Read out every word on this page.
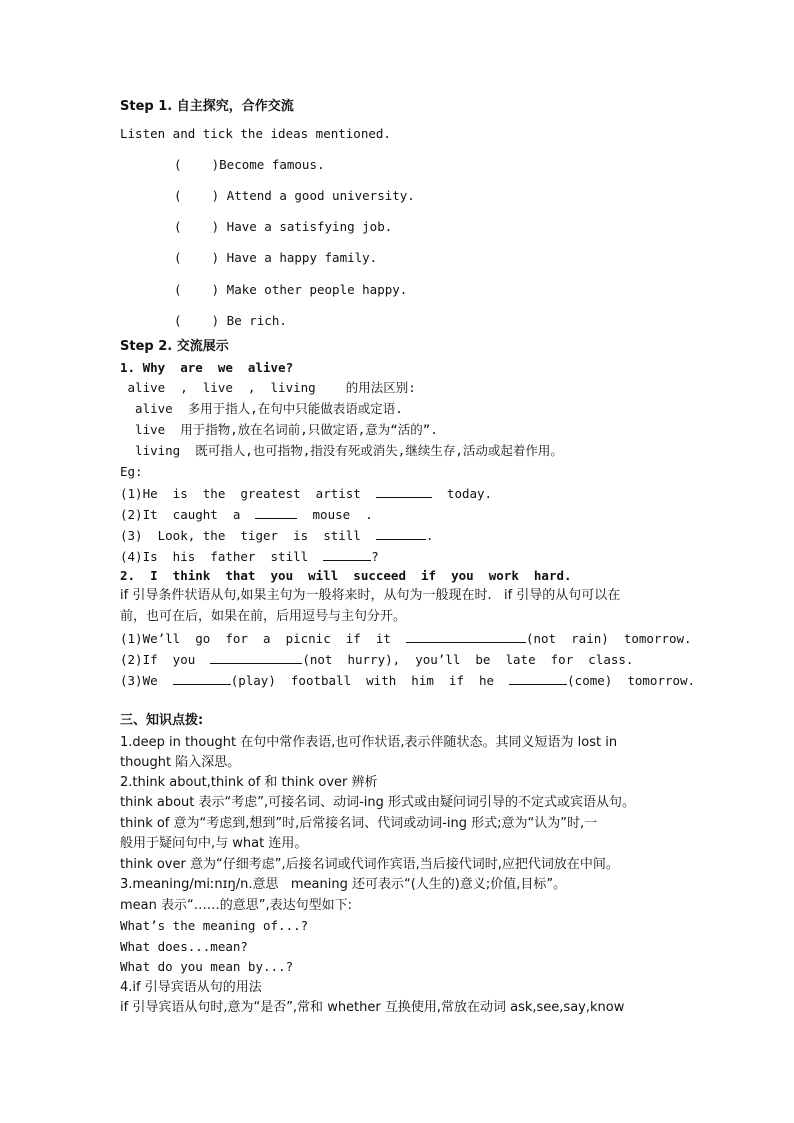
Step 1. 自主探究，合作交流
Listen and tick the ideas mentioned.
(    )Become famous.
(    ) Attend a good university.
(    ) Have a satisfying job.
(    ) Have a happy family.
(    ) Make other people happy.
(    ) Be rich.
Step 2. 交流展示
1. Why  are  we  alive?
alive  ,  live  ,  living    的用法区别:
alive  多用于指人,在句中只能做表语或定语.
live  用于指物,放在名词前,只做定语,意为“活的”.
living  既可指人,也可指物,指没有死或消失,继续生存,活动或起着作用。
Eg:
(1)He  is  the  greatest  artist	today.
(2)It  caught  a	mouse  .
(3)  Look, the  tiger  is  still	.
(4)Is  his  father  still	?
2.  I  think  that  you  will  succeed  if  you  work  hard.
if 引导条件状语从句,如果主句为一般将来时，从句为一般现在时.   if 引导的从句可以在
前，也可在后，如果在前，后用逗号与主句分开。
(1)We’ll  go  for  a  picnic  if  it	(not  rain)  tomorrow.
(2)If  you	(not  hurry),  you’ll  be  late  for  class.
(3)We	(play)  football  with  him  if  he	(come)  tomorrow.
三、知识点拨:
1.deep in thought 在句中常作表语,也可作状语,表示伴随状态。其同义短语为 lost in
thought 陷入深思。
2.think about,think of 和 think over 辨析
think about 表示“考虑”,可接名词、动词-ing 形式或由疑问词引导的不定式或宾语从句。
think of 意为“考虑到,想到”时,后常接名词、代词或动词-ing 形式;意为“认为”时,一
般用于疑问句中,与 what 连用。
think over 意为“仔细考虑”,后接名词或代词作宾语,当后接代词时,应把代词放在中间。
3.meaning/miːnɪŋ/n.意思   meaning 还可表示“(人生的)意义;价值,目标”。
mean 表示“……的意思”,表达句型如下:
What’s the meaning of...?
What does...mean?
What do you mean by...?
4.if 引导宾语从句的用法
if 引导宾语从句时,意为“是否”,常和 whether 互换使用,常放在动词 ask,see,say,know
